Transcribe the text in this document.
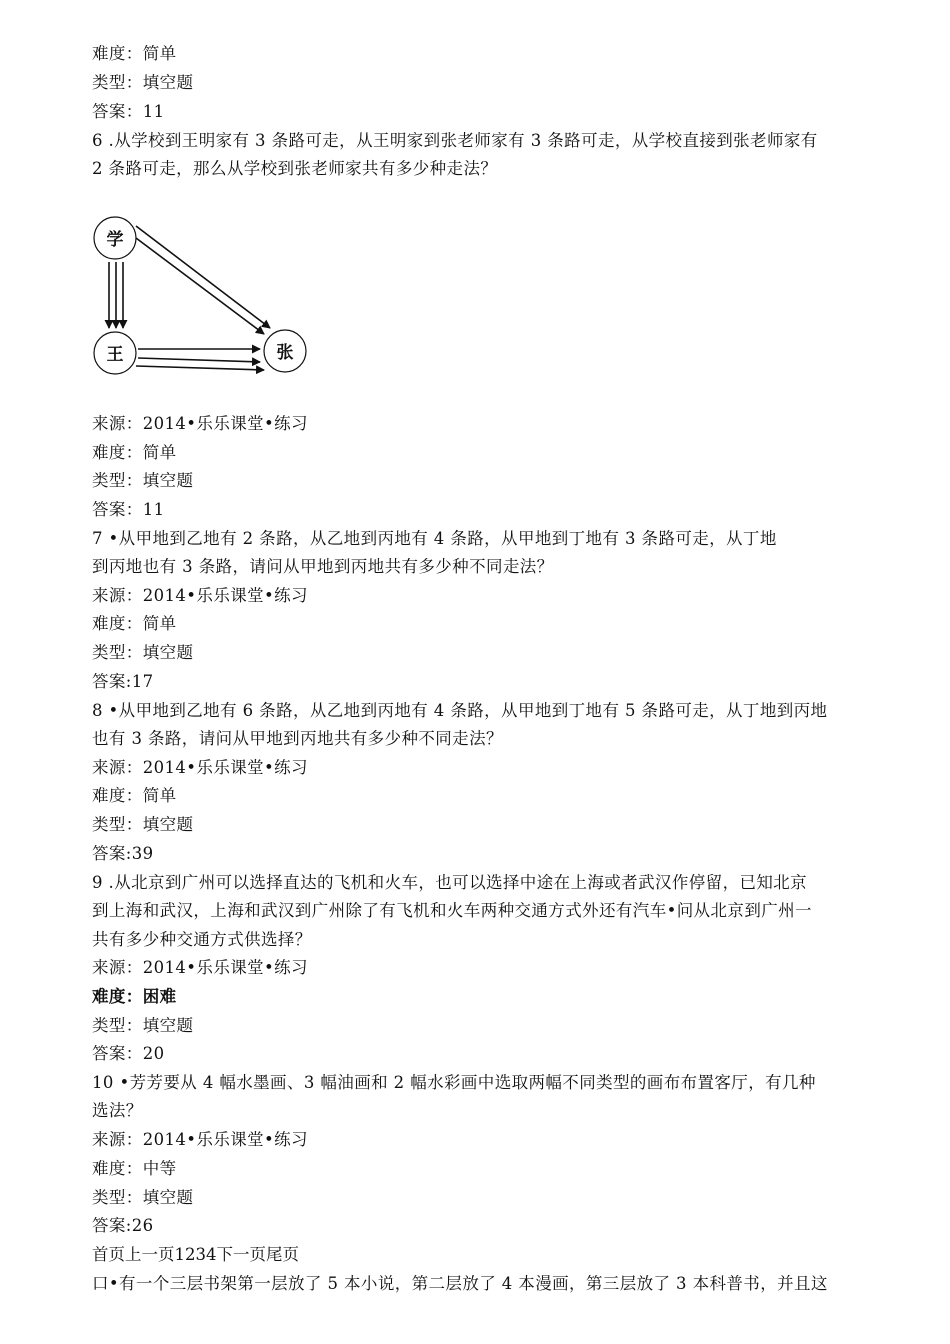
难度：简单
类型：填空题
答案：11
6 .从学校到王明家有 3 条路可走，从王明家到张老师家有 3 条路可走，从学校直接到张老师家有
2 条路可走，那么从学校到张老师家共有多少种走法？
学
王	张
来源：2014•乐乐课堂•练习
难度：简单
类型：填空题
答案：11
7 •从甲地到乙地有 2 条路，从乙地到丙地有 4 条路，从甲地到丁地有 3 条路可走，从丁地
到丙地也有 3 条路，请问从甲地到丙地共有多少种不同走法？
来源：2014•乐乐课堂•练习
难度：简单
类型：填空题
答案:17
8 •从甲地到乙地有 6 条路，从乙地到丙地有 4 条路，从甲地到丁地有 5 条路可走，从丁地到丙地
也有 3 条路，请问从甲地到丙地共有多少种不同走法？
来源：2014•乐乐课堂•练习
难度：简单
类型：填空题
答案:39
9 .从北京到广州可以选择直达的飞机和火车，也可以选择中途在上海或者武汉作停留，已知北京
到上海和武汉，上海和武汉到广州除了有飞机和火车两种交通方式外还有汽车•问从北京到广州一
共有多少种交通方式供选择？
来源：2014•乐乐课堂•练习
难度：困难
类型：填空题
答案：20
10 •芳芳要从 4 幅水墨画、3 幅油画和 2 幅水彩画中选取两幅不同类型的画布布置客厅，有几种
选法？
来源：2014•乐乐课堂•练习
难度：中等
类型：填空题
答案:26
首页上一页1234下一页尾页
口•有一个三层书架第一层放了 5 本小说，第二层放了 4 本漫画，第三层放了 3 本科普书，并且这
